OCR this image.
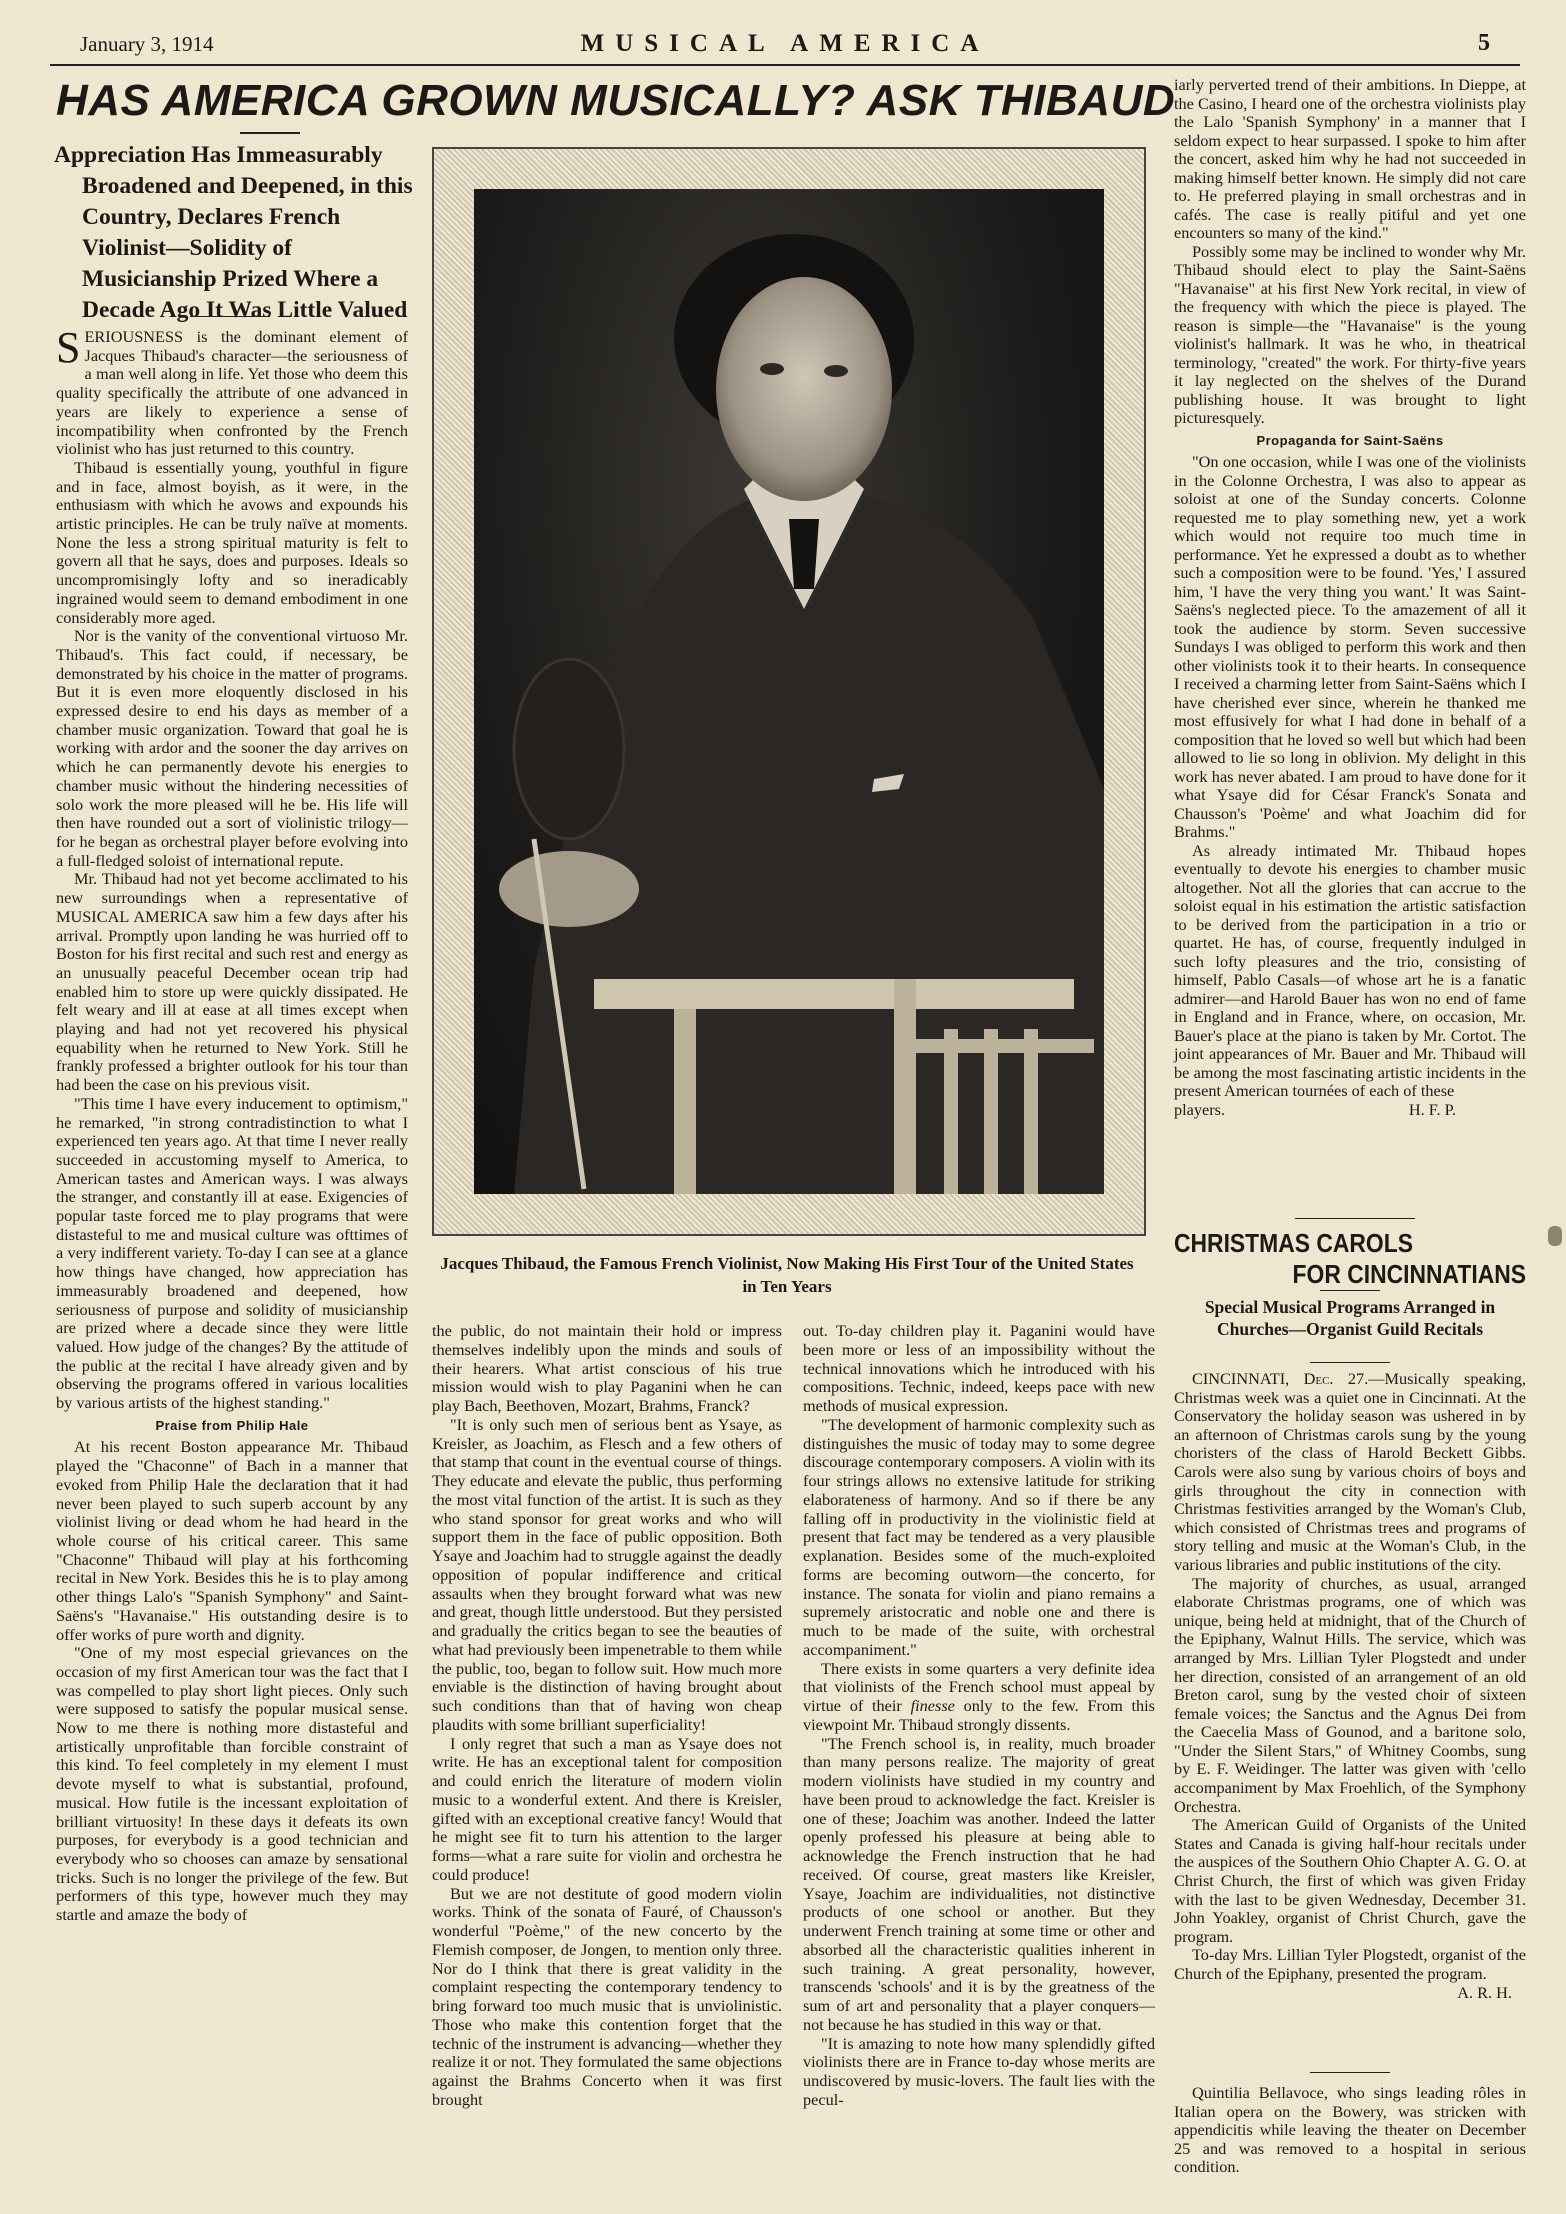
January 3, 1914	MUSICAL AMERICA	5
HAS AMERICA GROWN MUSICALLY? ASK THIBAUD

Appreciation Has Immeasurably

Broadened and Deepened, in this Country, Declares French Violinist—Solidity of Musicianship Prized Where a Decade Ago It Was Little Valued

SERIOUSNESS is the dominant element of Jacques Thibaud's character—the seriousness of a man well along in life. Yet those who deem this quality specifically the attribute of one advanced in years are likely to experience a sense of incompatibility when confronted by the French violinist who has just returned to this country.

Thibaud is essentially young, youthful in figure and in face, almost boyish, as it were, in the enthusiasm with which he avows and expounds his artistic principles. He can be truly naïve at moments. None the less a strong spiritual maturity is felt to govern all that he says, does and purposes. Ideals so uncompromisingly lofty and so ineradicably ingrained would seem to demand embodiment in one considerably more aged.

Nor is the vanity of the conventional virtuoso Mr. Thibaud's. This fact could, if necessary, be demonstrated by his choice in the matter of programs. But it is even more eloquently disclosed in his expressed desire to end his days as member of a chamber music organization. Toward that goal he is working with ardor and the sooner the day arrives on which he can permanently devote his energies to chamber music without the hindering necessities of solo work the more pleased will he be. His life will then have rounded out a sort of violinistic trilogy—for he began as orchestral player before evolving into a full-fledged soloist of international repute.

Mr. Thibaud had not yet become acclimated to his new surroundings when a representative of MUSICAL AMERICA saw him a few days after his arrival. Promptly upon landing he was hurried off to Boston for his first recital and such rest and energy as an unusually peaceful December ocean trip had enabled him to store up were quickly dissipated. He felt weary and ill at ease at all times except when playing and had not yet recovered his physical equability when he returned to New York. Still he frankly professed a brighter outlook for his tour than had been the case on his previous visit.

"This time I have every inducement to optimism," he remarked, "in strong contradistinction to what I experienced ten years ago. At that time I never really succeeded in accustoming myself to America, to American tastes and American ways. I was always the stranger, and constantly ill at ease. Exigencies of popular taste forced me to play programs that were distasteful to me and musical culture was ofttimes of a very indifferent variety. To-day I can see at a glance how things have changed, how appreciation has immeasurably broadened and deepened, how seriousness of purpose and solidity of musicianship are prized where a decade since they were little valued. How judge of the changes? By the attitude of the public at the recital I have already given and by observing the programs offered in various localities by various artists of the highest standing."

Praise from Philip Hale

At his recent Boston appearance Mr. Thibaud played the "Chaconne" of Bach in a manner that evoked from Philip Hale the declaration that it had never been played to such superb account by any violinist living or dead whom he had heard in the whole course of his critical career. This same "Chaconne" Thibaud will play at his forthcoming recital in New York. Besides this he is to play among other things Lalo's "Spanish Symphony" and Saint-Saëns's "Havanaise." His outstanding desire is to offer works of pure worth and dignity.

"One of my most especial grievances on the occasion of my first American tour was the fact that I was compelled to play short light pieces. Only such were supposed to satisfy the popular musical sense. Now to me there is nothing more distasteful and artistically unprofitable than forcible constraint of this kind. To feel completely in my element I must devote myself to what is substantial, profound, musical. How futile is the incessant exploitation of brilliant virtuosity! In these days it defeats its own purposes, for everybody is a good technician and everybody who so chooses can amaze by sensational tricks. Such is no longer the privilege of the few. But performers of this type, however much they may startle and amaze the body of

Jacques Thibaud, the Famous French Violinist, Now Making His First Tour of the United States in Ten Years

the public, do not maintain their hold or impress themselves indelibly upon the minds and souls of their hearers. What artist conscious of his true mission would wish to play Paganini when he can play Bach, Beethoven, Mozart, Brahms, Franck?

"It is only such men of serious bent as Ysaye, as Kreisler, as Joachim, as Flesch and a few others of that stamp that count in the eventual course of things. They educate and elevate the public, thus performing the most vital function of the artist. It is such as they who stand sponsor for great works and who will support them in the face of public opposition. Both Ysaye and Joachim had to struggle against the deadly opposition of popular indifference and critical assaults when they brought forward what was new and great, though little understood. But they persisted and gradually the critics began to see the beauties of what had previously been impenetrable to them while the public, too, began to follow suit. How much more enviable is the distinction of having brought about such conditions than that of having won cheap plaudits with some brilliant superficiality!

I only regret that such a man as Ysaye does not write. He has an exceptional talent for composition and could enrich the literature of modern violin music to a wonderful extent. And there is Kreisler, gifted with an exceptional creative fancy! Would that he might see fit to turn his attention to the larger forms—what a rare suite for violin and orchestra he could produce!

But we are not destitute of good modern violin works. Think of the sonata of Fauré, of Chausson's wonderful "Poème," of the new concerto by the Flemish composer, de Jongen, to mention only three. Nor do I think that there is great validity in the complaint respecting the contemporary tendency to bring forward too much music that is unviolinistic. Those who make this contention forget that the technic of the instrument is advancing—whether they realize it or not. They formulated the same objections against the Brahms Concerto when it was first brought

out. To-day children play it. Paganini would have been more or less of an impossibility without the technical innovations which he introduced with his compositions. Technic, indeed, keeps pace with new methods of musical expression.

"The development of harmonic complexity such as distinguishes the music of today may to some degree discourage contemporary composers. A violin with its four strings allows no extensive latitude for striking elaborateness of harmony. And so if there be any falling off in productivity in the violinistic field at present that fact may be tendered as a very plausible explanation. Besides some of the much-exploited forms are becoming outworn—the concerto, for instance. The sonata for violin and piano remains a supremely aristocratic and noble one and there is much to be made of the suite, with orchestral accompaniment."

There exists in some quarters a very definite idea that violinists of the French school must appeal by virtue of their finesse only to the few. From this viewpoint Mr. Thibaud strongly dissents.

"The French school is, in reality, much broader than many persons realize. The majority of great modern violinists have studied in my country and have been proud to acknowledge the fact. Kreisler is one of these; Joachim was another. Indeed the latter openly professed his pleasure at being able to acknowledge the French instruction that he had received. Of course, great masters like Kreisler, Ysaye, Joachim are individualities, not distinctive products of one school or another. But they underwent French training at some time or other and absorbed all the characteristic qualities inherent in such training. A great personality, however, transcends 'schools' and it is by the greatness of the sum of art and personality that a player conquers—not because he has studied in this way or that.

"It is amazing to note how many splendidly gifted violinists there are in France to-day whose merits are undiscovered by music-lovers. The fault lies with the pecul-

iarly perverted trend of their ambitions. In Dieppe, at the Casino, I heard one of the orchestra violinists play the Lalo 'Spanish Symphony' in a manner that I seldom expect to hear surpassed. I spoke to him after the concert, asked him why he had not succeeded in making himself better known. He simply did not care to. He preferred playing in small orchestras and in cafés. The case is really pitiful and yet one encounters so many of the kind."

Possibly some may be inclined to wonder why Mr. Thibaud should elect to play the Saint-Saëns "Havanaise" at his first New York recital, in view of the frequency with which the piece is played. The reason is simple—the "Havanaise" is the young violinist's hallmark. It was he who, in theatrical terminology, "created" the work. For thirty-five years it lay neglected on the shelves of the Durand publishing house. It was brought to light picturesquely.

Propaganda for Saint-Saëns

"On one occasion, while I was one of the violinists in the Colonne Orchestra, I was also to appear as soloist at one of the Sunday concerts. Colonne requested me to play something new, yet a work which would not require too much time in performance. Yet he expressed a doubt as to whether such a composition were to be found. 'Yes,' I assured him, 'I have the very thing you want.' It was Saint-Saëns's neglected piece. To the amazement of all it took the audience by storm. Seven successive Sundays I was obliged to perform this work and then other violinists took it to their hearts. In consequence I received a charming letter from Saint-Saëns which I have cherished ever since, wherein he thanked me most effusively for what I had done in behalf of a composition that he loved so well but which had been allowed to lie so long in oblivion. My delight in this work has never abated. I am proud to have done for it what Ysaye did for César Franck's Sonata and Chausson's 'Poème' and what Joachim did for Brahms."

As already intimated Mr. Thibaud hopes eventually to devote his energies to chamber music altogether. Not all the glories that can accrue to the soloist equal in his estimation the artistic satisfaction to be derived from the participation in a trio or quartet. He has, of course, frequently indulged in such lofty pleasures and the trio, consisting of himself, Pablo Casals—of whose art he is a fanatic admirer—and Harold Bauer has won no end of fame in England and in France, where, on occasion, Mr. Bauer's place at the piano is taken by Mr. Cortot. The joint appearances of Mr. Bauer and Mr. Thibaud will be among the most fascinating artistic incidents in the present American tournées of each of these

players.	H. F. P.
CHRISTMAS CAROLS
FOR CINCINNATIANS
Special Musical Programs Arranged in Churches—Organist Guild Recitals

CINCINNATI, Dec. 27.—Musically speaking, Christmas week was a quiet one in Cincinnati. At the Conservatory the holiday season was ushered in by an afternoon of Christmas carols sung by the young choristers of the class of Harold Beckett Gibbs. Carols were also sung by various choirs of boys and girls throughout the city in connection with Christmas festivities arranged by the Woman's Club, which consisted of Christmas trees and programs of story telling and music at the Woman's Club, in the various libraries and public institutions of the city.

The majority of churches, as usual, arranged elaborate Christmas programs, one of which was unique, being held at midnight, that of the Church of the Epiphany, Walnut Hills. The service, which was arranged by Mrs. Lillian Tyler Plogstedt and under her direction, consisted of an arrangement of an old Breton carol, sung by the vested choir of sixteen female voices; the Sanctus and the Agnus Dei from the Caecelia Mass of Gounod, and a baritone solo, "Under the Silent Stars," of Whitney Coombs, sung by E. F. Weidinger. The latter was given with 'cello accompaniment by Max Froehlich, of the Symphony Orchestra.

The American Guild of Organists of the United States and Canada is giving half-hour recitals under the auspices of the Southern Ohio Chapter A. G. O. at Christ Church, the first of which was given Friday with the last to be given Wednesday, December 31. John Yoakley, organist of Christ Church, gave the program.

To-day Mrs. Lillian Tyler Plogstedt, organist of the Church of the Epiphany, presented the program.

A. R. H.

Quintilia Bellavoce, who sings leading rôles in Italian opera on the Bowery, was stricken with appendicitis while leaving the theater on December 25 and was removed to a hospital in serious condition.
